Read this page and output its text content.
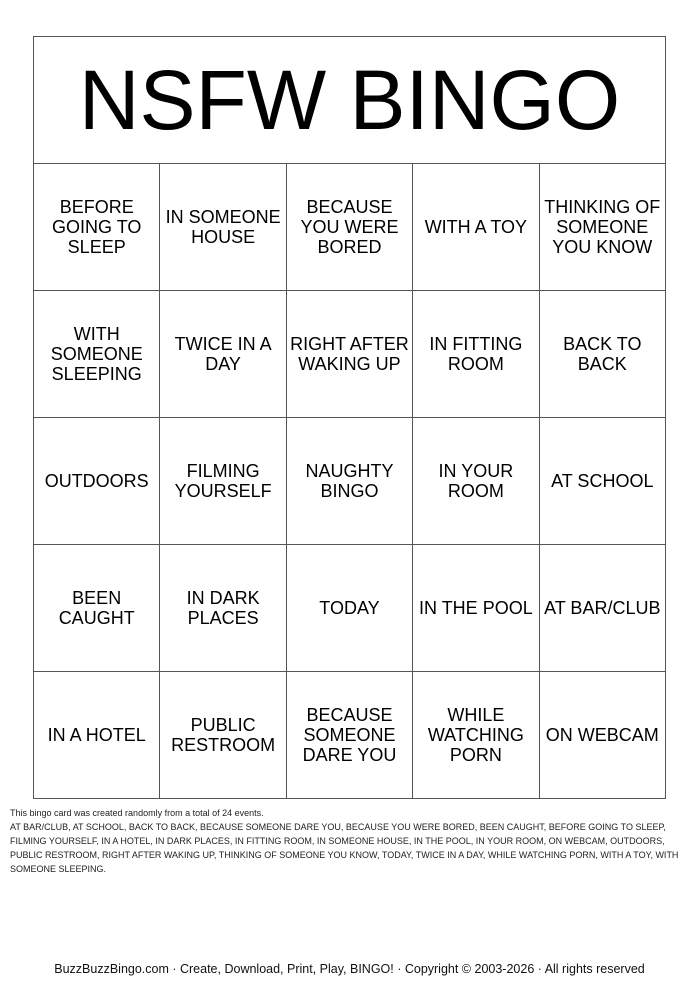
NSFW BINGO				
BEFORE GOING TO SLEEP	IN SOMEONE HOUSE	BECAUSE YOU WERE BORED	WITH A TOY	THINKING OF SOMEONE YOU KNOW
WITH SOMEONE SLEEPING	TWICE IN A DAY	RIGHT AFTER WAKING UP	IN FITTING ROOM	BACK TO BACK
OUTDOORS	FILMING YOURSELF	NAUGHTY BINGO	IN YOUR ROOM	AT SCHOOL
BEEN CAUGHT	IN DARK PLACES	TODAY	IN THE POOL	AT BAR/CLUB
IN A HOTEL	PUBLIC RESTROOM	BECAUSE SOMEONE DARE YOU	WHILE WATCHING PORN	ON WEBCAM
This bingo card was created randomly from a total of 24 events.
AT BAR/CLUB, AT SCHOOL, BACK TO BACK, BECAUSE SOMEONE DARE YOU, BECAUSE YOU WERE BORED, BEEN CAUGHT, BEFORE GOING TO SLEEP, FILMING YOURSELF, IN A HOTEL, IN DARK PLACES, IN FITTING ROOM, IN SOMEONE HOUSE, IN THE POOL, IN YOUR ROOM, ON WEBCAM, OUTDOORS, PUBLIC RESTROOM, RIGHT AFTER WAKING UP, THINKING OF SOMEONE YOU KNOW, TODAY, TWICE IN A DAY, WHILE WATCHING PORN, WITH A TOY, WITH SOMEONE SLEEPING.
BuzzBuzzBingo.com · Create, Download, Print, Play, BINGO! · Copyright © 2003-2026 · All rights reserved
